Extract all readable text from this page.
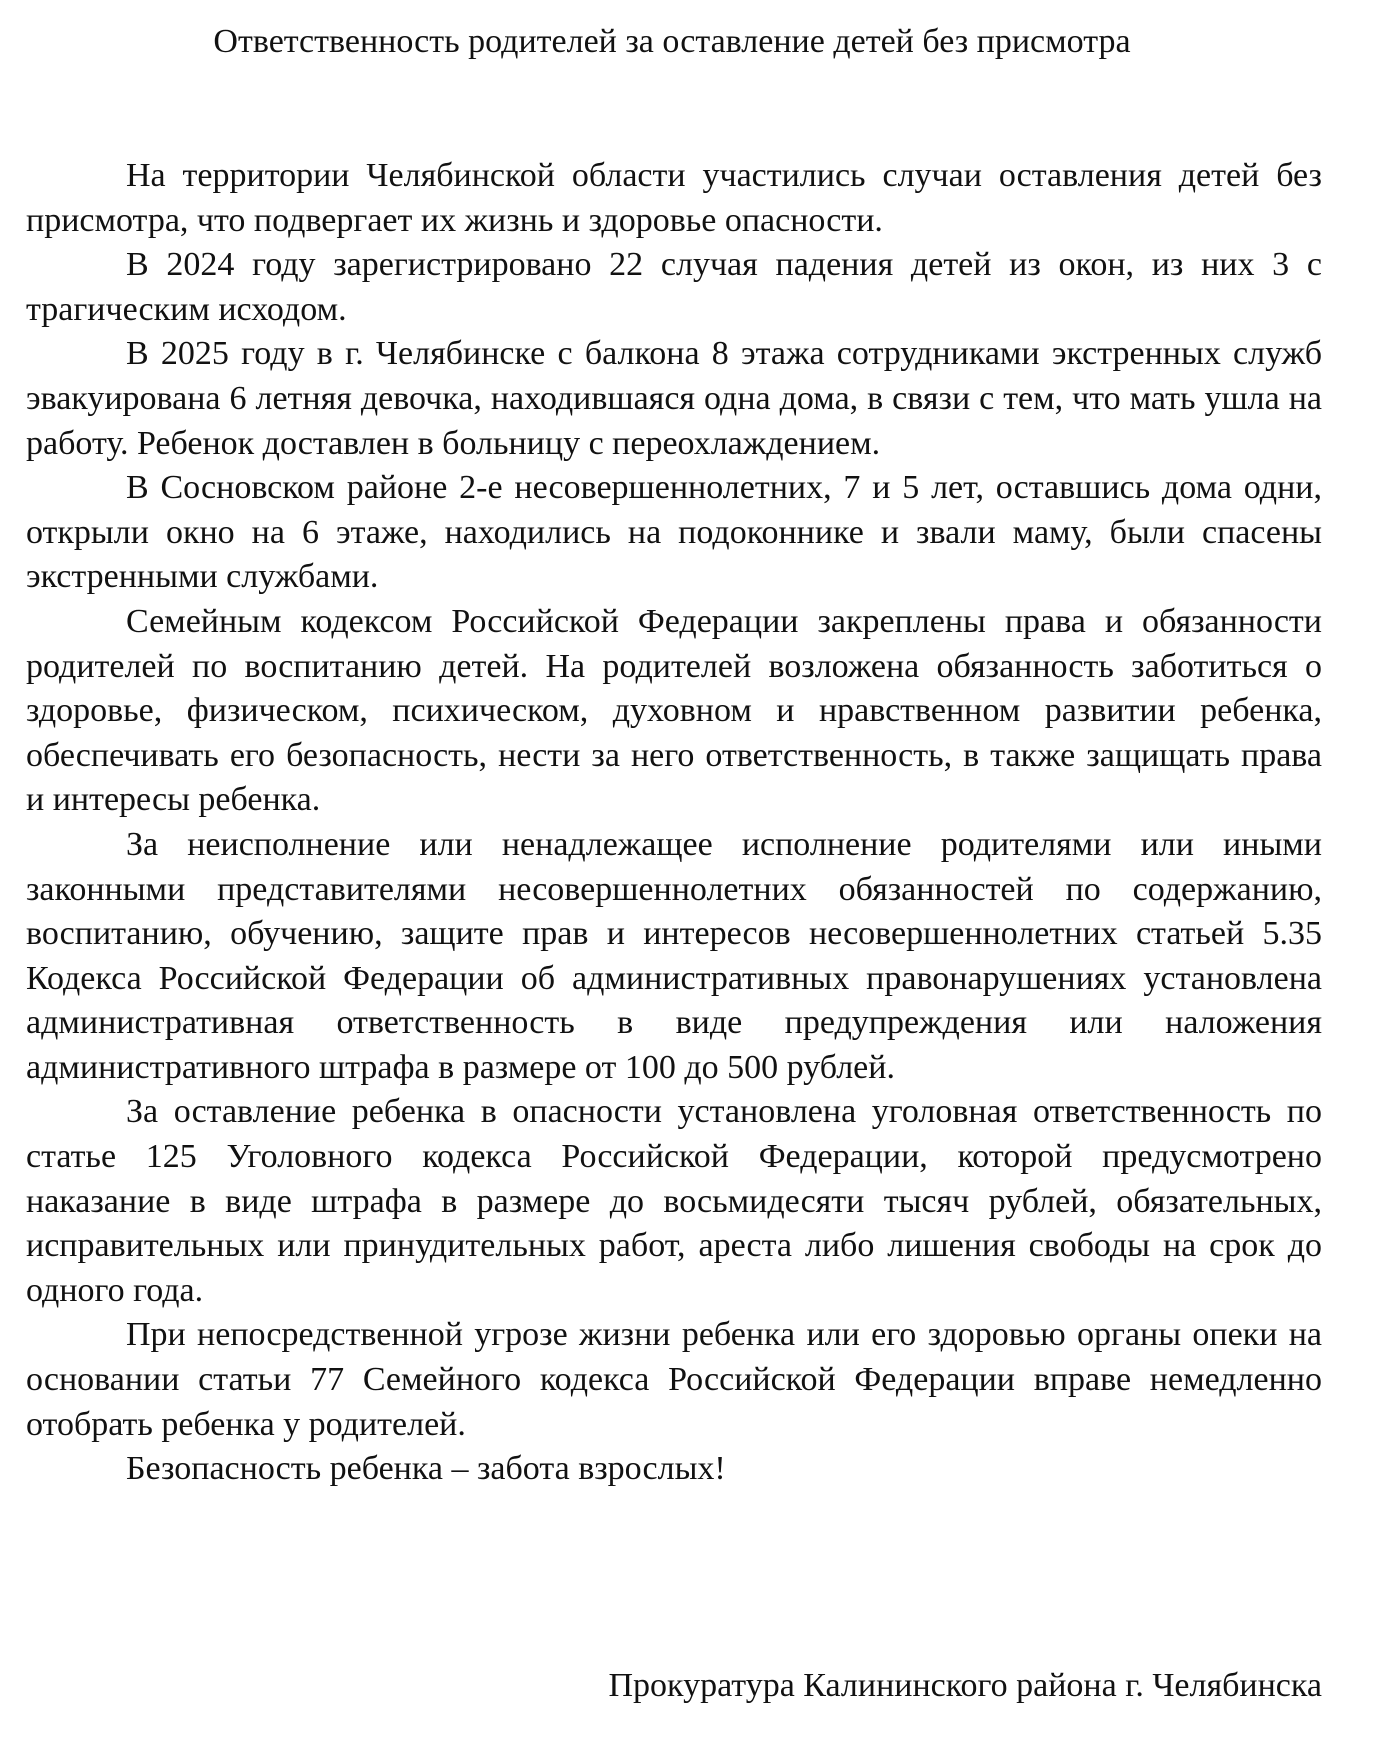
Ответственность родителей за оставление детей без присмотра

На территории Челябинской области участились случаи оставления детей без присмотра, что подвергает их жизнь и здоровье опасности.

В 2024 году зарегистрировано 22 случая падения детей из окон, из них 3 с трагическим исходом.

В 2025 году в г. Челябинске с балкона 8 этажа сотрудниками экстренных служб эвакуирована 6 летняя девочка, находившаяся одна дома, в связи с тем, что мать ушла на работу. Ребенок доставлен в больницу с переохлаждением.

В Сосновском районе 2-е несовершеннолетних, 7 и 5 лет, оставшись дома одни, открыли окно на 6 этаже, находились на подоконнике и звали маму, были спасены экстренными службами.

Семейным кодексом Российской Федерации закреплены права и обязанности родителей по воспитанию детей. На родителей возложена обязанность заботиться о здоровье, физическом, психическом, духовном и нравственном развитии ребенка, обеспечивать его безопасность, нести за него ответственность, в также защищать права и интересы ребенка.

За неисполнение или ненадлежащее исполнение родителями или иными законными представителями несовершеннолетних обязанностей по содержанию, воспитанию, обучению, защите прав и интересов несовершеннолетних статьей 5.35 Кодекса Российской Федерации об административных правонарушениях установлена административная ответственность в виде предупреждения или наложения административного штрафа в размере от 100 до 500 рублей.

За оставление ребенка в опасности установлена уголовная ответственность по статье 125 Уголовного кодекса Российской Федерации, которой предусмотрено наказание в виде штрафа в размере до восьмидесяти тысяч рублей, обязательных, исправительных или принудительных работ, ареста либо лишения свободы на срок до одного года.

При непосредственной угрозе жизни ребенка или его здоровью органы опеки на основании статьи 77 Семейного кодекса Российской Федерации вправе немедленно отобрать ребенка у родителей.

Безопасность ребенка – забота взрослых!

Прокуратура Калининского района г. Челябинска
